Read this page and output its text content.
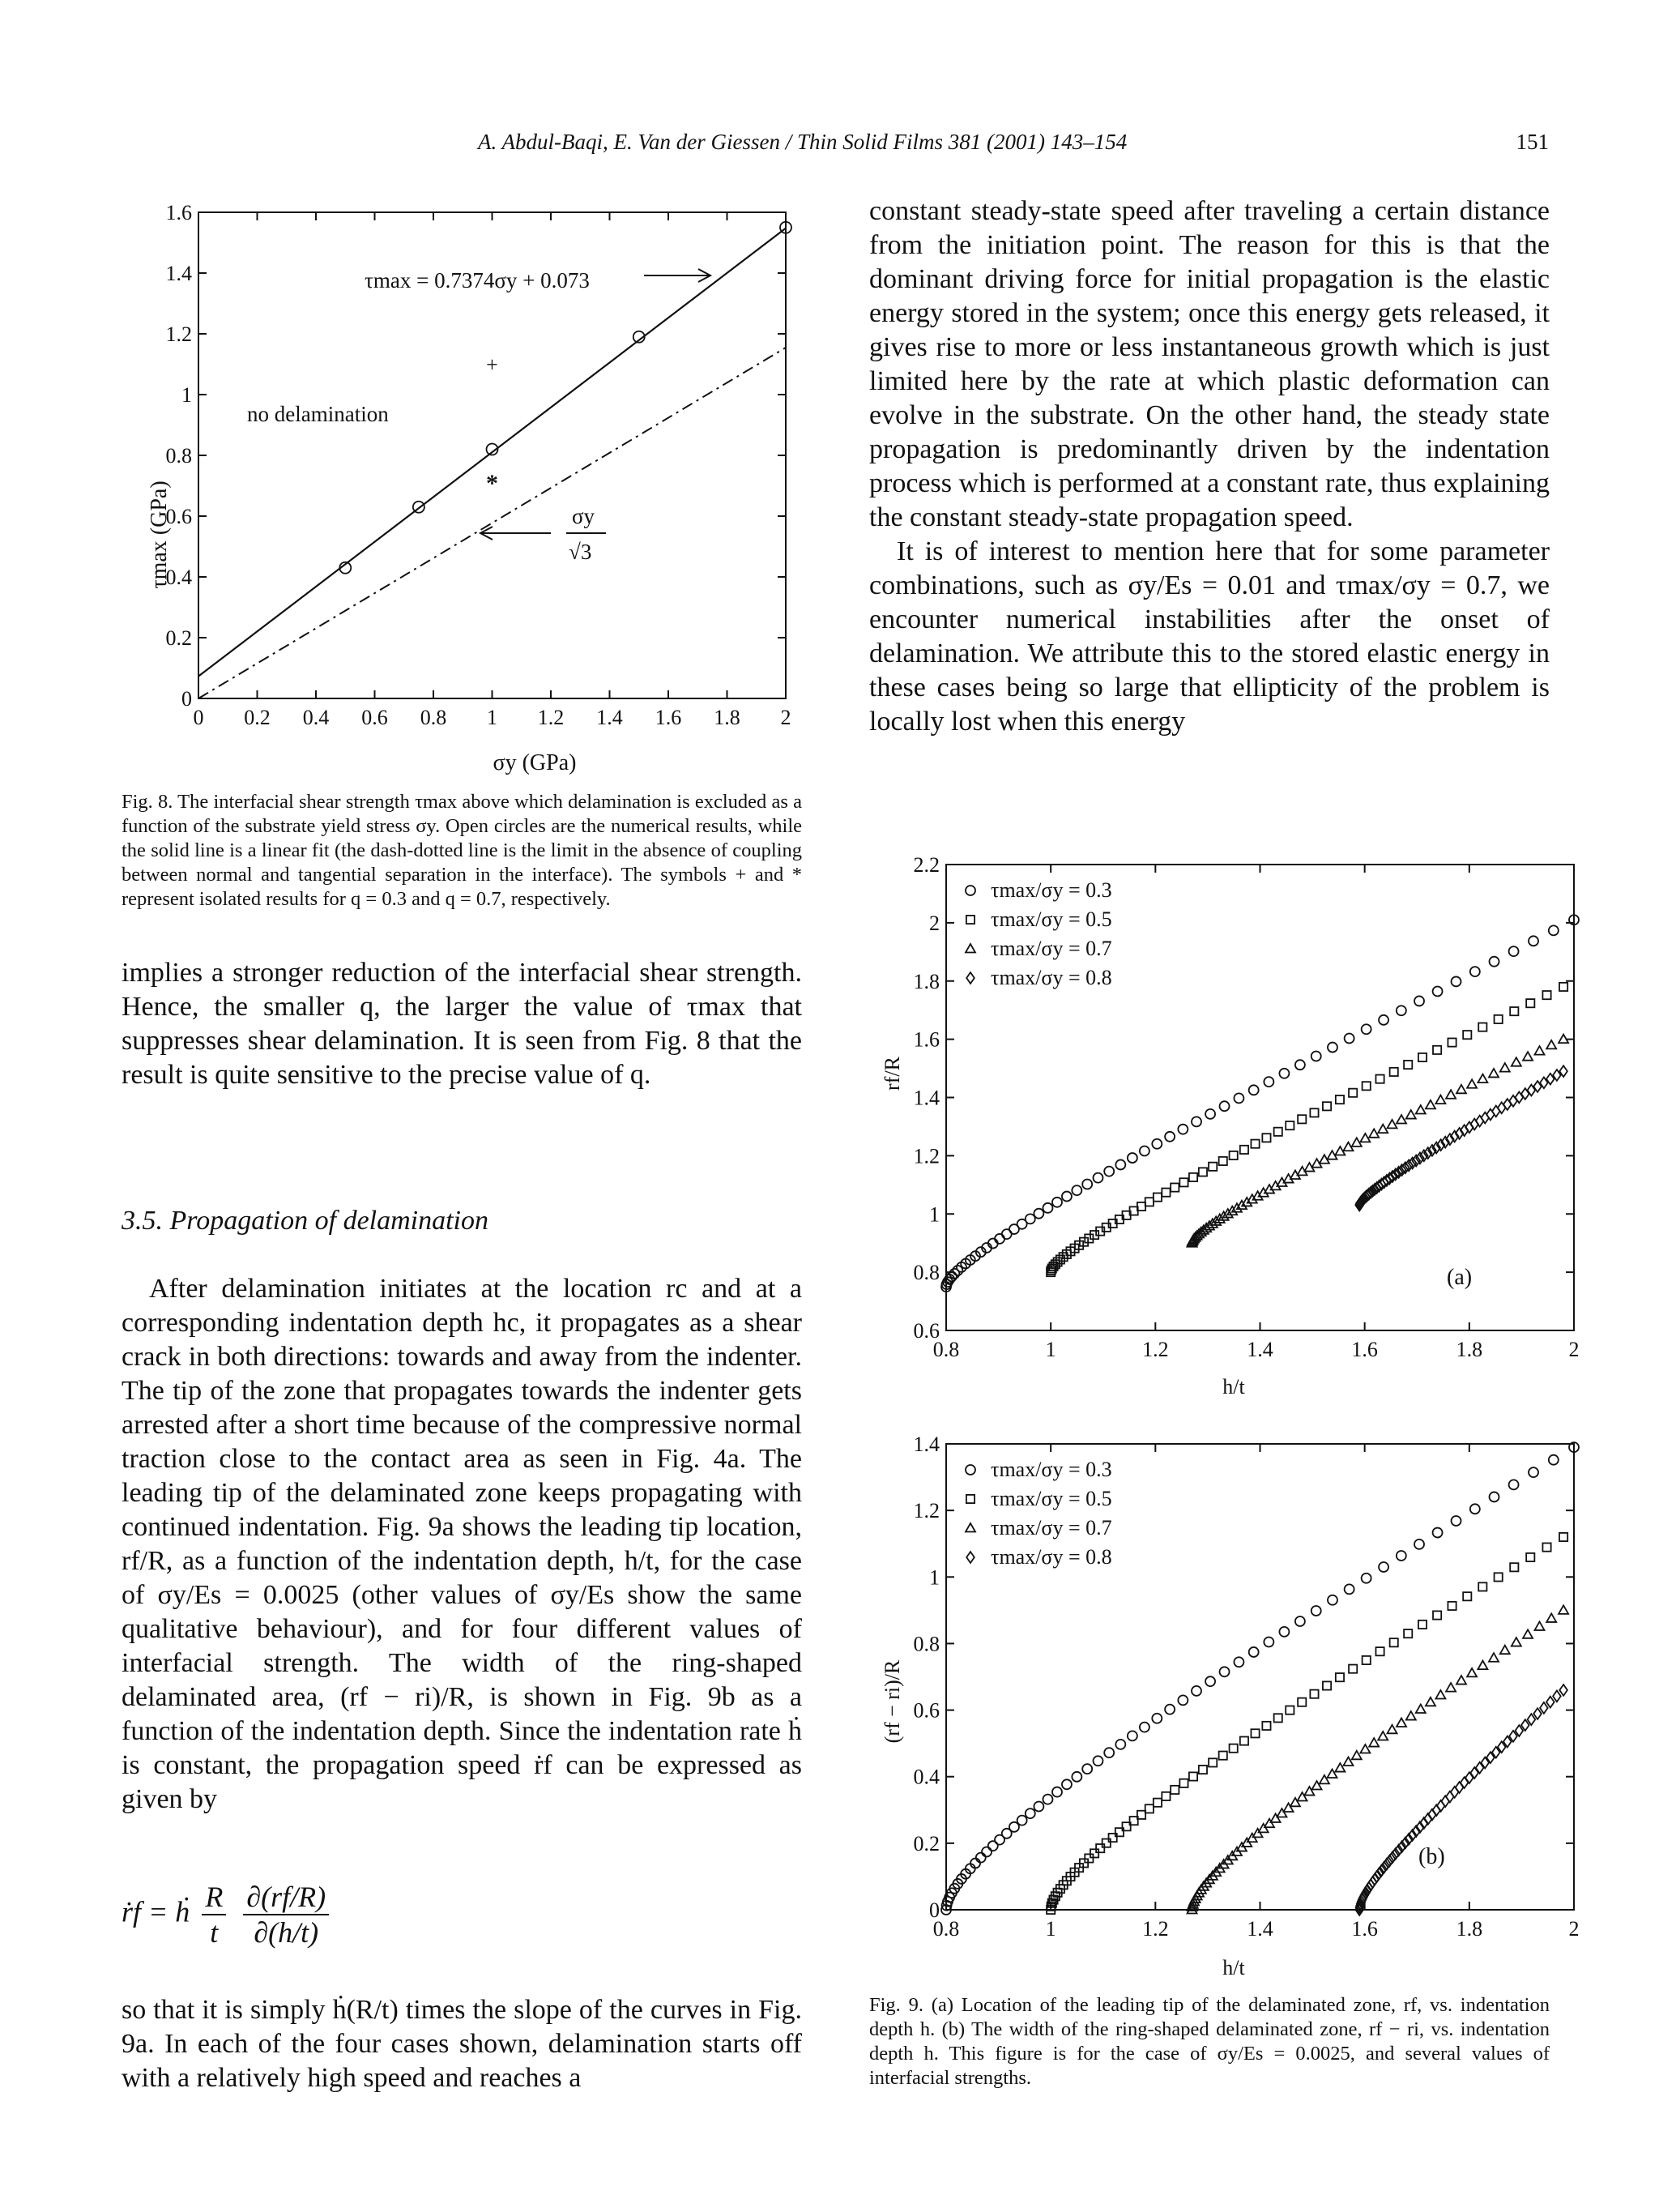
A. Abdul-Baqi, E. Van der Giessen / Thin Solid Films 381 (2001) 143–154	151
0 0.2 0.4 0.6 0.8 1 1.2 1.4 1.6 1.8 2
0
0.2
0.4
0.6
0.8
1
1.2
1.4
1.6
+
*
τmax = 0.7374σy + 0.073
no delamination
σy
√3
τmax (GPa)
σy (GPa)
Fig. 8. The interfacial shear strength τmax above which delamination is excluded as a function of the substrate yield stress σy. Open circles are the numerical results, while the solid line is a linear fit (the dash-dotted line is the limit in the absence of coupling between normal and tangential separation in the interface). The symbols + and * represent isolated results for q = 0.3 and q = 0.7, respectively.

implies a stronger reduction of the interfacial shear strength. Hence, the smaller q, the larger the value of τmax that suppresses shear delamination. It is seen from Fig. 8 that the result is quite sensitive to the precise value of q.

3.5. Propagation of delamination

After delamination initiates at the location rc and at a corresponding indentation depth hc, it propagates as a shear crack in both directions: towards and away from the indenter. The tip of the zone that propagates towards the indenter gets arrested after a short time because of the compressive normal traction close to the contact area as seen in Fig. 4a. The leading tip of the delaminated zone keeps propagating with continued indentation. Fig. 9a shows the leading tip location, rf/R, as a function of the indentation depth, h/t, for the case of σy/Es = 0.0025 (other values of σy/Es show the same qualitative behaviour), and for four different values of interfacial strength. The width of the ring-shaped delaminated area, (rf − ri)/R, is shown in Fig. 9b as a function of the indentation depth. Since the indentation rate ḣ is constant, the propagation speed ṙf can be expressed as given by

ṙf = ḣ $\frac{R}{t}$
$\frac{\partial(rf/R)}{\partial(h/t)}$

so that it is simply ḣ(R/t) times the slope of the curves in Fig. 9a. In each of the four cases shown, delamination starts off with a relatively high speed and reaches a

constant steady-state speed after traveling a certain distance from the initiation point. The reason for this is that the dominant driving force for initial propagation is the elastic energy stored in the system; once this energy gets released, it gives rise to more or less instantaneous growth which is just limited here by the rate at which plastic deformation can evolve in the substrate. On the other hand, the steady state propagation is predominantly driven by the indentation process which is performed at a constant rate, thus explaining the constant steady-state propagation speed.

It is of interest to mention here that for some parameter combinations, such as σy/Es = 0.01 and τmax/σy = 0.7, we encounter numerical instabilities after the onset of delamination. We attribute this to the stored elastic energy in these cases being so large that ellipticity of the problem is locally lost when this energy

0.8	1	1.2	1.4	1.6	1.8	2
0.6
0.8
1
1.2
1.4
1.6
1.8
2
2.2
τmax/σy = 0.3
τmax/σy = 0.5
τmax/σy = 0.7
τmax/σy = 0.8
(a)
rf/R
h/t
0.8	1	1.2	1.4	1.6	1.8	2
0
0.2
0.4
0.6
0.8
1
1.2
1.4
τmax/σy = 0.3
τmax/σy = 0.5
τmax/σy = 0.7
τmax/σy = 0.8
(b)
(rf − ri)/R
h/t
Fig. 9. (a) Location of the leading tip of the delaminated zone, rf, vs. indentation depth h. (b) The width of the ring-shaped delaminated zone, rf − ri, vs. indentation depth h. This figure is for the case of σy/Es = 0.0025, and several values of interfacial strengths.
